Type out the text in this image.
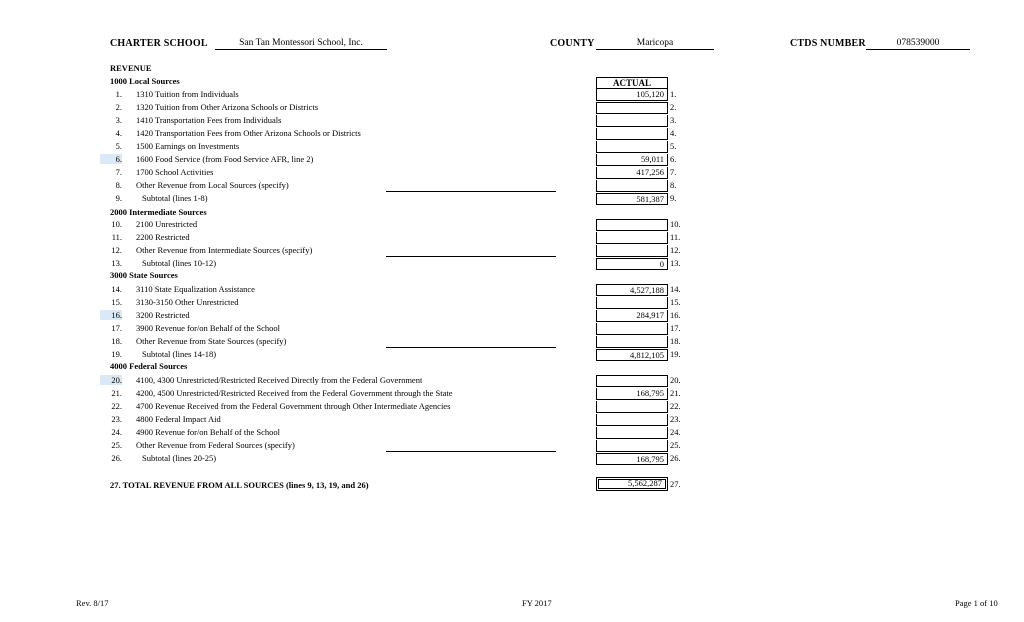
CHARTER SCHOOL	San Tan Montessori School, Inc.	COUNTY	Maricopa	CTDS NUMBER	078539000
REVENUE
ACTUAL
1000 Local Sources
2000 Intermediate Sources
3000 State Sources
4000 Federal Sources
1. 1310 Tuition from Individuals	105,120 1.
2. 1320 Tuition from Other Arizona Schools or Districts	2.
3. 1410 Transportation Fees from Individuals	3.
4. 1420 Transportation Fees from Other Arizona Schools or Districts	4.
5. 1500 Earnings on Investments	5.
6. 1600 Food Service (from Food Service AFR, line 2)	59,011 6.
7. 1700 School Activities	417,256 7.
8. Other Revenue from Local Sources (specify)	8.
9. Subtotal (lines 1-8)	581,387 9.
10. 2100 Unrestricted	10.
11. 2200 Restricted	11.
12. Other Revenue from Intermediate Sources (specify)	12.
13. Subtotal (lines 10-12)	0 13.
14. 3110 State Equalization Assistance	4,527,188 14.
15. 3130-3150 Other Unrestricted	15.
16. 3200 Restricted	284,917 16.
17. 3900 Revenue for/on Behalf of the School	17.
18. Other Revenue from State Sources (specify)	18.
19. Subtotal (lines 14-18)	4,812,105 19.
20. 4100, 4300 Unrestricted/Restricted Received Directly from the Federal Government	20.
21. 4200, 4500 Unrestricted/Restricted Received from the Federal Government through the State	168,795 21.
22. 4700 Revenue Received from the Federal Government through Other Intermediate Agencies	22.
23. 4800 Federal Impact Aid	23.
24. 4900 Revenue for/on Behalf of the School	24.
25. Other Revenue from Federal Sources (specify)	25.
26. Subtotal (lines 20-25)	168,795 26.
27. TOTAL REVENUE FROM ALL SOURCES (lines 9, 13, 19, and 26)	5,562,287 27.
Rev. 8/17	FY 2017	Page 1 of 10
